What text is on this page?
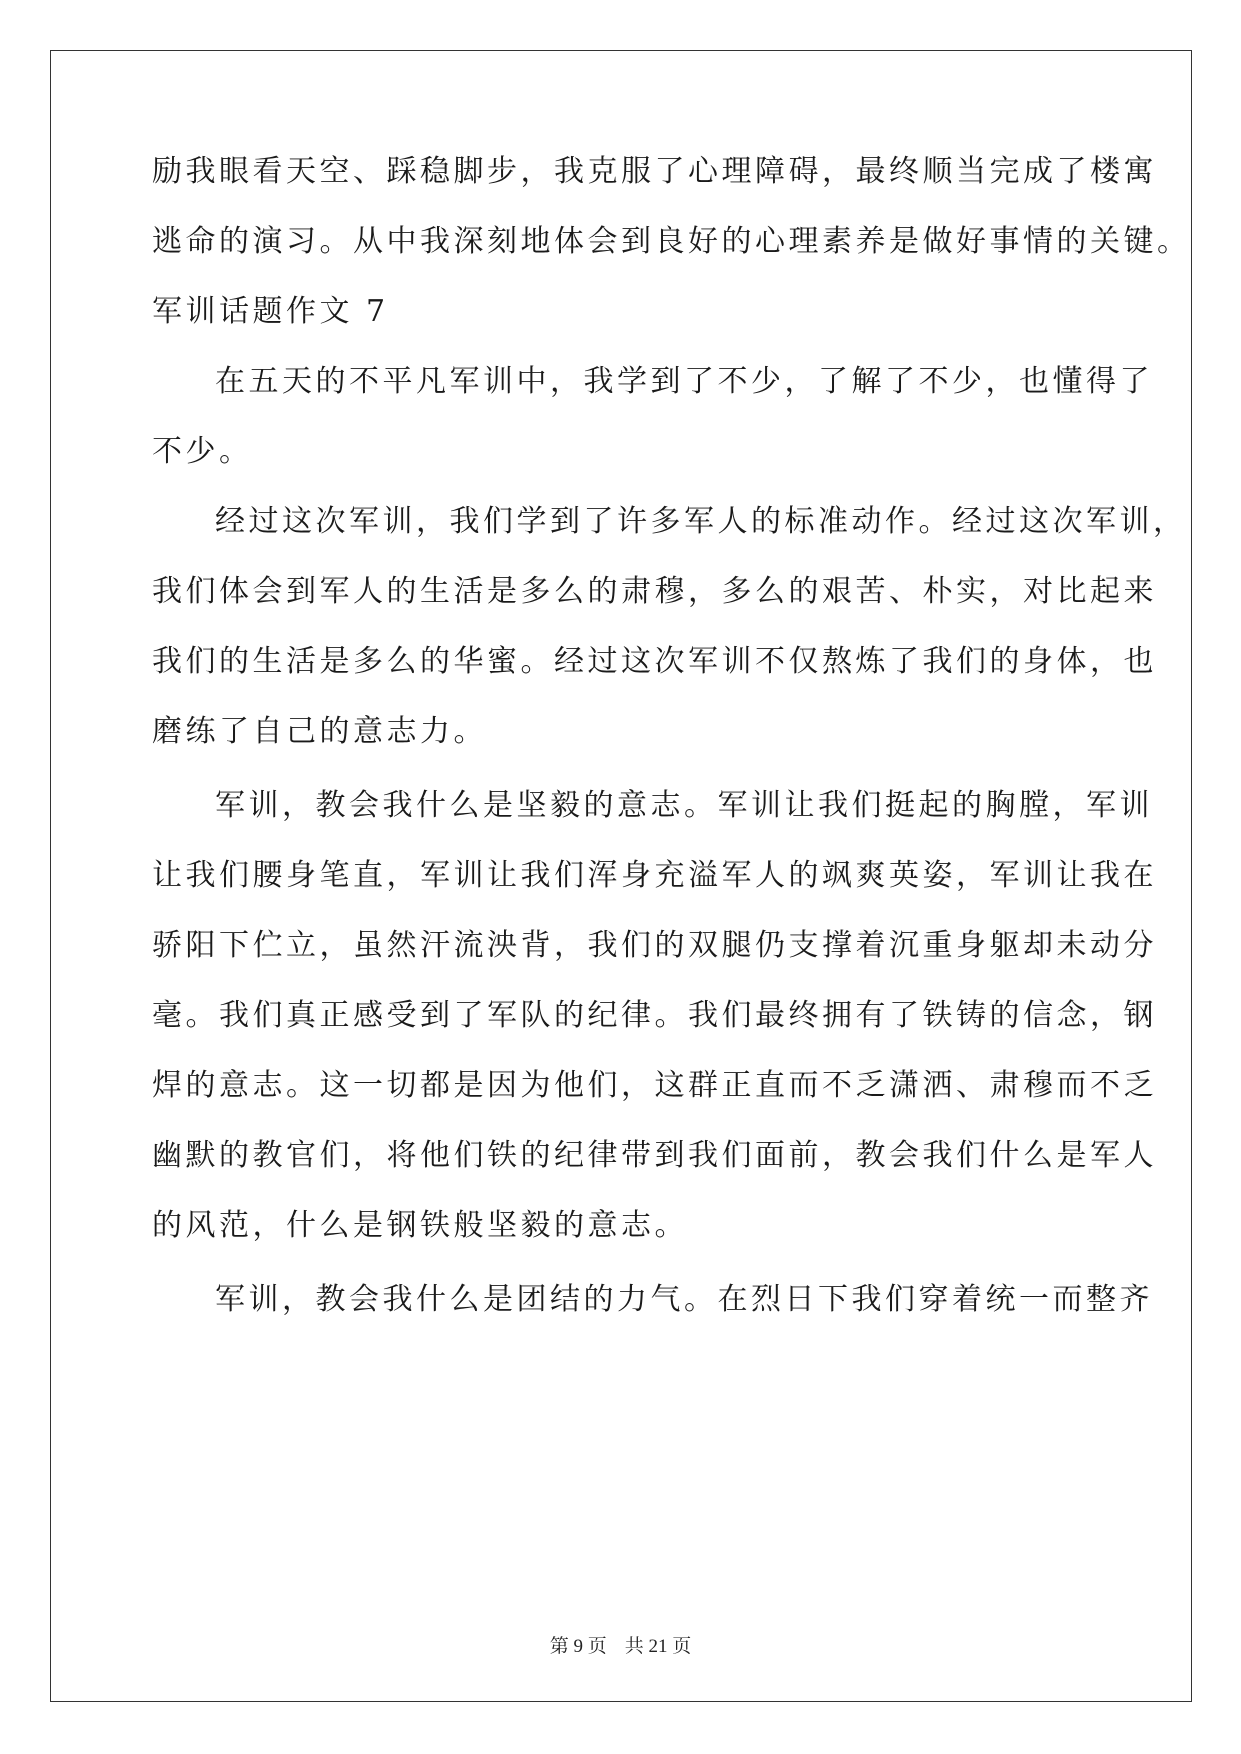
励我眼看天空、踩稳脚步，我克服了心理障碍，最终顺当完成了楼寓
逃命的演习。从中我深刻地体会到良好的心理素养是做好事情的关键。
军训话题作文 7
在五天的不平凡军训中，我学到了不少，了解了不少，也懂得了
不少。
经过这次军训，我们学到了许多军人的标准动作。经过这次军训，
我们体会到军人的生活是多么的肃穆，多么的艰苦、朴实，对比起来
我们的生活是多么的华蜜。经过这次军训不仅熬炼了我们的身体，也
磨练了自己的意志力。
军训，教会我什么是坚毅的意志。军训让我们挺起的胸膛，军训
让我们腰身笔直，军训让我们浑身充溢军人的飒爽英姿，军训让我在
骄阳下伫立，虽然汗流泱背，我们的双腿仍支撑着沉重身躯却未动分
毫。我们真正感受到了军队的纪律。我们最终拥有了铁铸的信念，钢
焊的意志。这一切都是因为他们，这群正直而不乏潇洒、肃穆而不乏
幽默的教官们，将他们铁的纪律带到我们面前，教会我们什么是军人
的风范，什么是钢铁般坚毅的意志。
军训，教会我什么是团结的力气。在烈日下我们穿着统一而整齐
第 9 页 共 21 页
